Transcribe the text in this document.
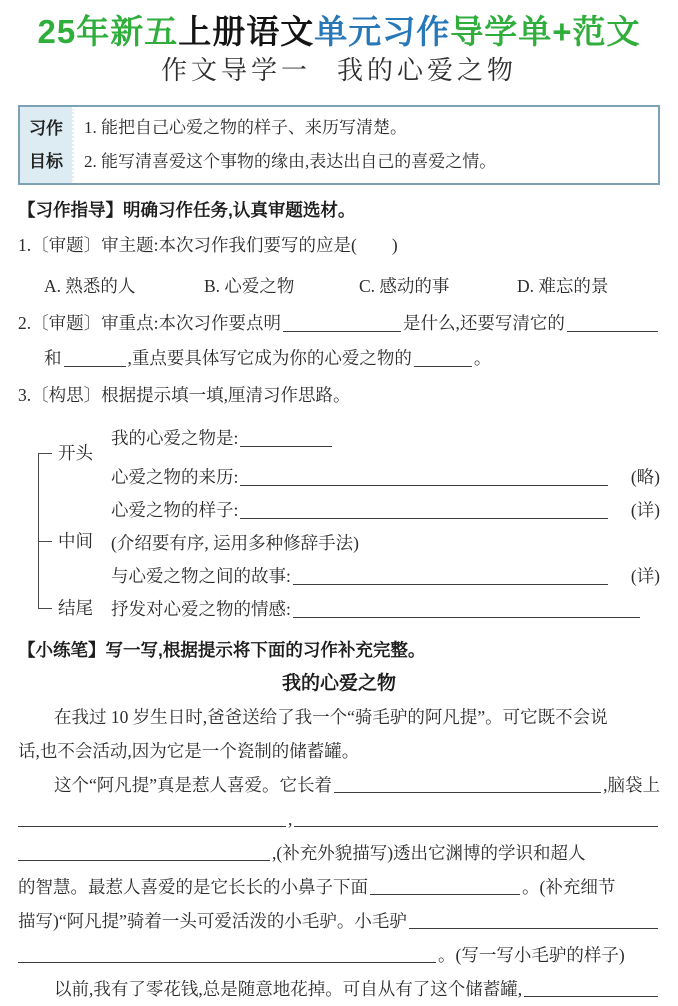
25年新五上册语文单元习作导学单+范文
作文导学一 我的心爱之物
习作
目标
1. 能把自己心爱之物的样子、来历写清楚。
2. 能写清喜爱这个事物的缘由,表达出自己的喜爱之情。
【习作指导】明确习作任务,认真审题选材。
1.〔审题〕审主题:本次习作我们要写的应是(　　)
A. 熟悉的人	B. 心爱之物	C. 感动的事	D. 难忘的景
2.〔审题〕审重点:本次习作要点明	是什么,还要写清它的
和	,重点要具体写它成为你的心爱之物的	。
3.〔构思〕根据提示填一填,厘清习作思路。
开头
中间
结尾
我的心爱之物是:
心爱之物的来历:	(略)
心爱之物的样子:	(详)
(介绍要有序, 运用多种修辞手法)
与心爱之物之间的故事:	(详)
抒发对心爱之物的情感:
【小练笔】写一写,根据提示将下面的习作补充完整。
我的心爱之物
在我过 10 岁生日时,爸爸送给了我一个“骑毛驴的阿凡提”。可它既不会说
话,也不会活动,因为它是一个瓷制的储蓄罐。
这个“阿凡提”真是惹人喜爱。它长着	,脑袋上
,
,(补充外貌描写)透出它渊博的学识和超人
的智慧。最惹人喜爱的是它长长的小鼻子下面	。(补充细节
描写)“阿凡提”骑着一头可爱活泼的小毛驴。小毛驴
。(写一写小毛驴的样子)
以前,我有了零花钱,总是随意地花掉。可自从有了这个储蓄罐,
